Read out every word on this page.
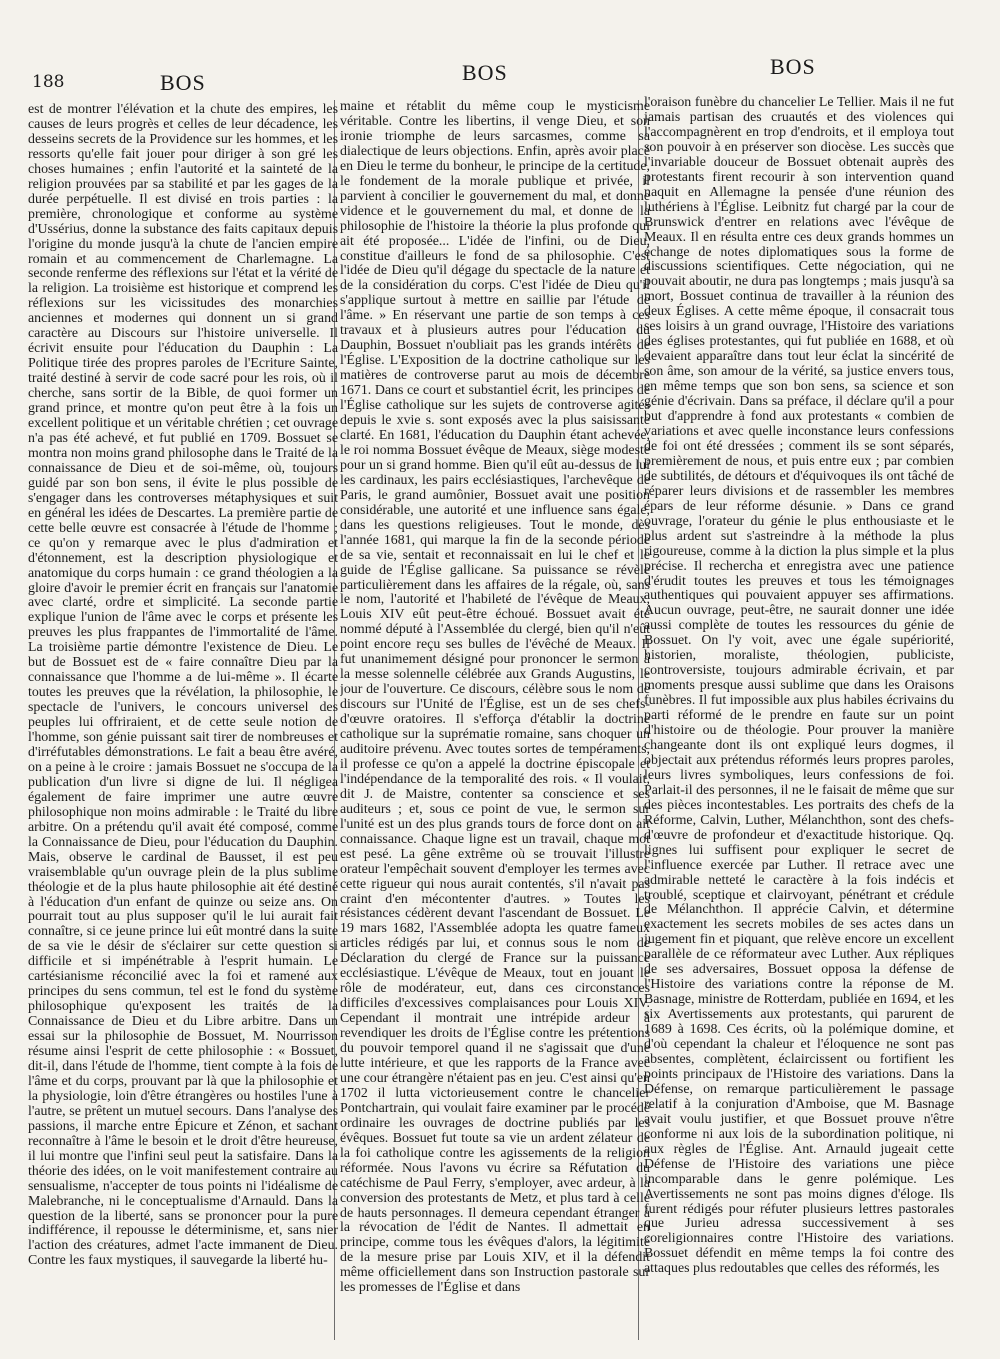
188	BOS	BOS	BOS

est de montrer l'élévation et la chute des empires, les causes de leurs progrès et celles de leur décadence, les desseins secrets de la Providence sur les hommes, et les ressorts qu'elle fait jouer pour diriger à son gré les choses humaines ; enfin l'autorité et la sainteté de la religion prouvées par sa stabilité et par les gages de la durée perpétuelle. Il est divisé en trois parties : la première, chronologique et conforme au système d'Ussérius, donne la substance des faits capitaux depuis l'origine du monde jusqu'à la chute de l'ancien empire romain et au commencement de Charlemagne. La seconde renferme des réflexions sur l'état et la vérité de la religion. La troisième est historique et comprend les réflexions sur les vicissitudes des monarchies anciennes et modernes qui donnent un si grand caractère au Discours sur l'histoire universelle. Il écrivit ensuite pour l'éducation du Dauphin : La Politique tirée des propres paroles de l'Ecriture Sainte, traité destiné à servir de code sacré pour les rois, où il cherche, sans sortir de la Bible, de quoi former un grand prince, et montre qu'on peut être à la fois un excellent politique et un véritable chrétien ; cet ouvrage n'a pas été achevé, et fut publié en 1709. Bossuet se montra non moins grand philosophe dans le Traité de la connaissance de Dieu et de soi-même, où, toujours guidé par son bon sens, il évite le plus possible de s'engager dans les controverses métaphysiques et suit en général les idées de Descartes. La première partie de cette belle œuvre est consacrée à l'étude de l'homme ; ce qu'on y remarque avec le plus d'admiration et d'étonnement, est la description physiologique et anatomique du corps humain : ce grand théologien a la gloire d'avoir le premier écrit en français sur l'anatomie avec clarté, ordre et simplicité. La seconde partie explique l'union de l'âme avec le corps et présente les preuves les plus frappantes de l'immortalité de l'âme. La troisième partie démontre l'existence de Dieu. Le but de Bossuet est de « faire connaître Dieu par la connaissance que l'homme a de lui-même ». Il écarte toutes les preuves que la révélation, la philosophie, le spectacle de l'univers, le concours universel des peuples lui offriraient, et de cette seule notion de l'homme, son génie puissant sait tirer de nombreuses et d'irréfutables démonstrations. Le fait a beau être avéré, on a peine à le croire : jamais Bossuet ne s'occupa de la publication d'un livre si digne de lui. Il négligea également de faire imprimer une autre œuvre philosophique non moins admirable : le Traité du libre arbitre. On a prétendu qu'il avait été composé, comme la Connaissance de Dieu, pour l'éducation du Dauphin. Mais, observe le cardinal de Bausset, il est peu vraisemblable qu'un ouvrage plein de la plus sublime théologie et de la plus haute philosophie ait été destiné à l'éducation d'un enfant de quinze ou seize ans. On pourrait tout au plus supposer qu'il le lui aurait fait connaître, si ce jeune prince lui eût montré dans la suite de sa vie le désir de s'éclairer sur cette question si difficile et si impénétrable à l'esprit humain. Le cartésianisme réconcilié avec la foi et ramené aux principes du sens commun, tel est le fond du système philosophique qu'exposent les traités de la Connaissance de Dieu et du Libre arbitre. Dans un essai sur la philosophie de Bossuet, M. Nourrisson résume ainsi l'esprit de cette philosophie : « Bossuet, dit-il, dans l'étude de l'homme, tient compte à la fois de l'âme et du corps, prouvant par là que la philosophie et la physiologie, loin d'être étrangères ou hostiles l'une à l'autre, se prêtent un mutuel secours. Dans l'analyse des passions, il marche entre Épicure et Zénon, et sachant reconnaître à l'âme le besoin et le droit d'être heureuse, il lui montre que l'infini seul peut la satisfaire. Dans la théorie des idées, on le voit manifestement contraire au sensualisme, n'accepter de tous points ni l'idéalisme de Malebranche, ni le conceptualisme d'Arnauld. Dans la question de la liberté, sans se prononcer pour la pure indifférence, il repousse le déterminisme, et, sans nier l'action des créatures, admet l'acte immanent de Dieu. Contre les faux mystiques, il sauvegarde la liberté hu-

maine et rétablit du même coup le mysticisme véritable. Contre les libertins, il venge Dieu, et son ironie triomphe de leurs sarcasmes, comme sa dialectique de leurs objections. Enfin, après avoir placé en Dieu le terme du bonheur, le principe de la certitude, le fondement de la morale publique et privée, il parvient à concilier le gouvernement du mal, et donne vidence et le gouvernement du mal, et donne de la philosophie de l'histoire la théorie la plus profonde qui ait été proposée... L'idée de l'infini, ou de Dieu, constitue d'ailleurs le fond de sa philosophie. C'est l'idée de Dieu qu'il dégage du spectacle de la nature et de la considération du corps. C'est l'idée de Dieu qu'il s'applique surtout à mettre en saillie par l'étude de l'âme. » En réservant une partie de son temps à ces travaux et à plusieurs autres pour l'éducation du Dauphin, Bossuet n'oubliait pas les grands intérêts de l'Église. L'Exposition de la doctrine catholique sur les matières de controverse parut au mois de décembre 1671. Dans ce court et substantiel écrit, les principes de l'Église catholique sur les sujets de controverse agités depuis le xvie s. sont exposés avec la plus saisissante clarté. En 1681, l'éducation du Dauphin étant achevée, le roi nomma Bossuet évêque de Meaux, siège modeste pour un si grand homme. Bien qu'il eût au-dessus de lui les cardinaux, les pairs ecclésiastiques, l'archevêque de Paris, le grand aumônier, Bossuet avait une position considérable, une autorité et une influence sans égale, dans les questions religieuses. Tout le monde, dès l'année 1681, qui marque la fin de la seconde période de sa vie, sentait et reconnaissait en lui le chef et le guide de l'Église gallicane. Sa puissance se révèle particulièrement dans les affaires de la régale, où, sans le nom, l'autorité et l'habileté de l'évêque de Meaux, Louis XIV eût peut-être échoué. Bossuet avait été nommé député à l'Assemblée du clergé, bien qu'il n'eût point encore reçu ses bulles de l'évêché de Meaux. Il fut unanimement désigné pour prononcer le sermon à la messe solennelle célébrée aux Grands Augustins, le jour de l'ouverture. Ce discours, célèbre sous le nom de discours sur l'Unité de l'Église, est un de ses chefs-d'œuvre oratoires. Il s'efforça d'établir la doctrine catholique sur la suprématie romaine, sans choquer un auditoire prévenu. Avec toutes sortes de tempéraments, il professe ce qu'on a appelé la doctrine épiscopale et l'indépendance de la temporalité des rois. « Il voulait, dit J. de Maistre, contenter sa conscience et ses auditeurs ; et, sous ce point de vue, le sermon sur l'unité est un des plus grands tours de force dont on ait connaissance. Chaque ligne est un travail, chaque mot est pesé. La gêne extrême où se trouvait l'illustre orateur l'empêchait souvent d'employer les termes avec cette rigueur qui nous aurait contentés, s'il n'avait pas craint d'en mécontenter d'autres. » Toutes les résistances cédèrent devant l'ascendant de Bossuet. Le 19 mars 1682, l'Assemblée adopta les quatre fameux articles rédigés par lui, et connus sous le nom de Déclaration du clergé de France sur la puissance ecclésiastique. L'évêque de Meaux, tout en jouant le rôle de modérateur, eut, dans ces circonstances difficiles d'excessives complaisances pour Louis XIV. Cependant il montrait une intrépide ardeur à revendiquer les droits de l'Église contre les prétentions du pouvoir temporel quand il ne s'agissait que d'une lutte intérieure, et que les rapports de la France avec une cour étrangère n'étaient pas en jeu. C'est ainsi qu'en 1702 il lutta victorieusement contre le chancelier Pontchartrain, qui voulait faire examiner par le procédé ordinaire les ouvrages de doctrine publiés par les évêques. Bossuet fut toute sa vie un ardent zélateur de la foi catholique contre les agissements de la religion réformée. Nous l'avons vu écrire sa Réfutation du catéchisme de Paul Ferry, s'employer, avec ardeur, à la conversion des protestants de Metz, et plus tard à celle de hauts personnages. Il demeura cependant étranger à la révocation de l'édit de Nantes. Il admettait en principe, comme tous les évêques d'alors, la légitimité de la mesure prise par Louis XIV, et il la défendit même officiellement dans son Instruction pastorale sur les promesses de l'Église et dans

l'oraison funèbre du chancelier Le Tellier. Mais il ne fut jamais partisan des cruautés et des violences qui l'accompagnèrent en trop d'endroits, et il employa tout son pouvoir à en préserver son diocèse. Les succès que l'invariable douceur de Bossuet obtenait auprès des protestants firent recourir à son intervention quand naquit en Allemagne la pensée d'une réunion des luthériens à l'Église. Leibnitz fut chargé par la cour de Brunswick d'entrer en relations avec l'évêque de Meaux. Il en résulta entre ces deux grands hommes un échange de notes diplomatiques sous la forme de discussions scientifiques. Cette négociation, qui ne pouvait aboutir, ne dura pas longtemps ; mais jusqu'à sa mort, Bossuet continua de travailler à la réunion des deux Églises. A cette même époque, il consacrait tous ses loisirs à un grand ouvrage, l'Histoire des variations des églises protestantes, qui fut publiée en 1688, et où devaient apparaître dans tout leur éclat la sincérité de son âme, son amour de la vérité, sa justice envers tous, en même temps que son bon sens, sa science et son génie d'écrivain. Dans sa préface, il déclare qu'il a pour but d'apprendre à fond aux protestants « combien de variations et avec quelle inconstance leurs confessions de foi ont été dressées ; comment ils se sont séparés, premièrement de nous, et puis entre eux ; par combien de subtilités, de détours et d'équivoques ils ont tâché de réparer leurs divisions et de rassembler les membres épars de leur réforme désunie. » Dans ce grand ouvrage, l'orateur du génie le plus enthousiaste et le plus ardent sut s'astreindre à la méthode la plus rigoureuse, comme à la diction la plus simple et la plus précise. Il rechercha et enregistra avec une patience d'érudit toutes les preuves et tous les témoignages authentiques qui pouvaient appuyer ses affirmations. Aucun ouvrage, peut-être, ne saurait donner une idée aussi complète de toutes les ressources du génie de Bossuet. On l'y voit, avec une égale supériorité, historien, moraliste, théologien, publiciste, controversiste, toujours admirable écrivain, et par moments presque aussi sublime que dans les Oraisons funèbres. Il fut impossible aux plus habiles écrivains du parti réformé de le prendre en faute sur un point d'histoire ou de théologie. Pour prouver la manière changeante dont ils ont expliqué leurs dogmes, il objectait aux prétendus réformés leurs propres paroles, leurs livres symboliques, leurs confessions de foi. Parlait-il des personnes, il ne le faisait de même que sur des pièces incontestables. Les portraits des chefs de la Réforme, Calvin, Luther, Mélanchthon, sont des chefs-d'œuvre de profondeur et d'exactitude historique. Qq. lignes lui suffisent pour expliquer le secret de l'influence exercée par Luther. Il retrace avec une admirable netteté le caractère à la fois indécis et troublé, sceptique et clairvoyant, pénétrant et crédule de Mélanchthon. Il apprécie Calvin, et détermine exactement les secrets mobiles de ses actes dans un jugement fin et piquant, que relève encore un excellent parallèle de ce réformateur avec Luther. Aux répliques de ses adversaires, Bossuet opposa la défense de l'Histoire des variations contre la réponse de M. Basnage, ministre de Rotterdam, publiée en 1694, et les six Avertissements aux protestants, qui parurent de 1689 à 1698. Ces écrits, où la polémique domine, et d'où cependant la chaleur et l'éloquence ne sont pas absentes, complètent, éclaircissent ou fortifient les points principaux de l'Histoire des variations. Dans la Défense, on remarque particulièrement le passage relatif à la conjuration d'Amboise, que M. Basnage avait voulu justifier, et que Bossuet prouve n'être conforme ni aux lois de la subordination politique, ni aux règles de l'Église. Ant. Arnauld jugeait cette Défense de l'Histoire des variations une pièce incomparable dans le genre polémique. Les Avertissements ne sont pas moins dignes d'éloge. Ils furent rédigés pour réfuter plusieurs lettres pastorales que Jurieu adressa successivement à ses coreligionnaires contre l'Histoire des variations. Bossuet défendit en même temps la foi contre des attaques plus redoutables que celles des réformés, les
